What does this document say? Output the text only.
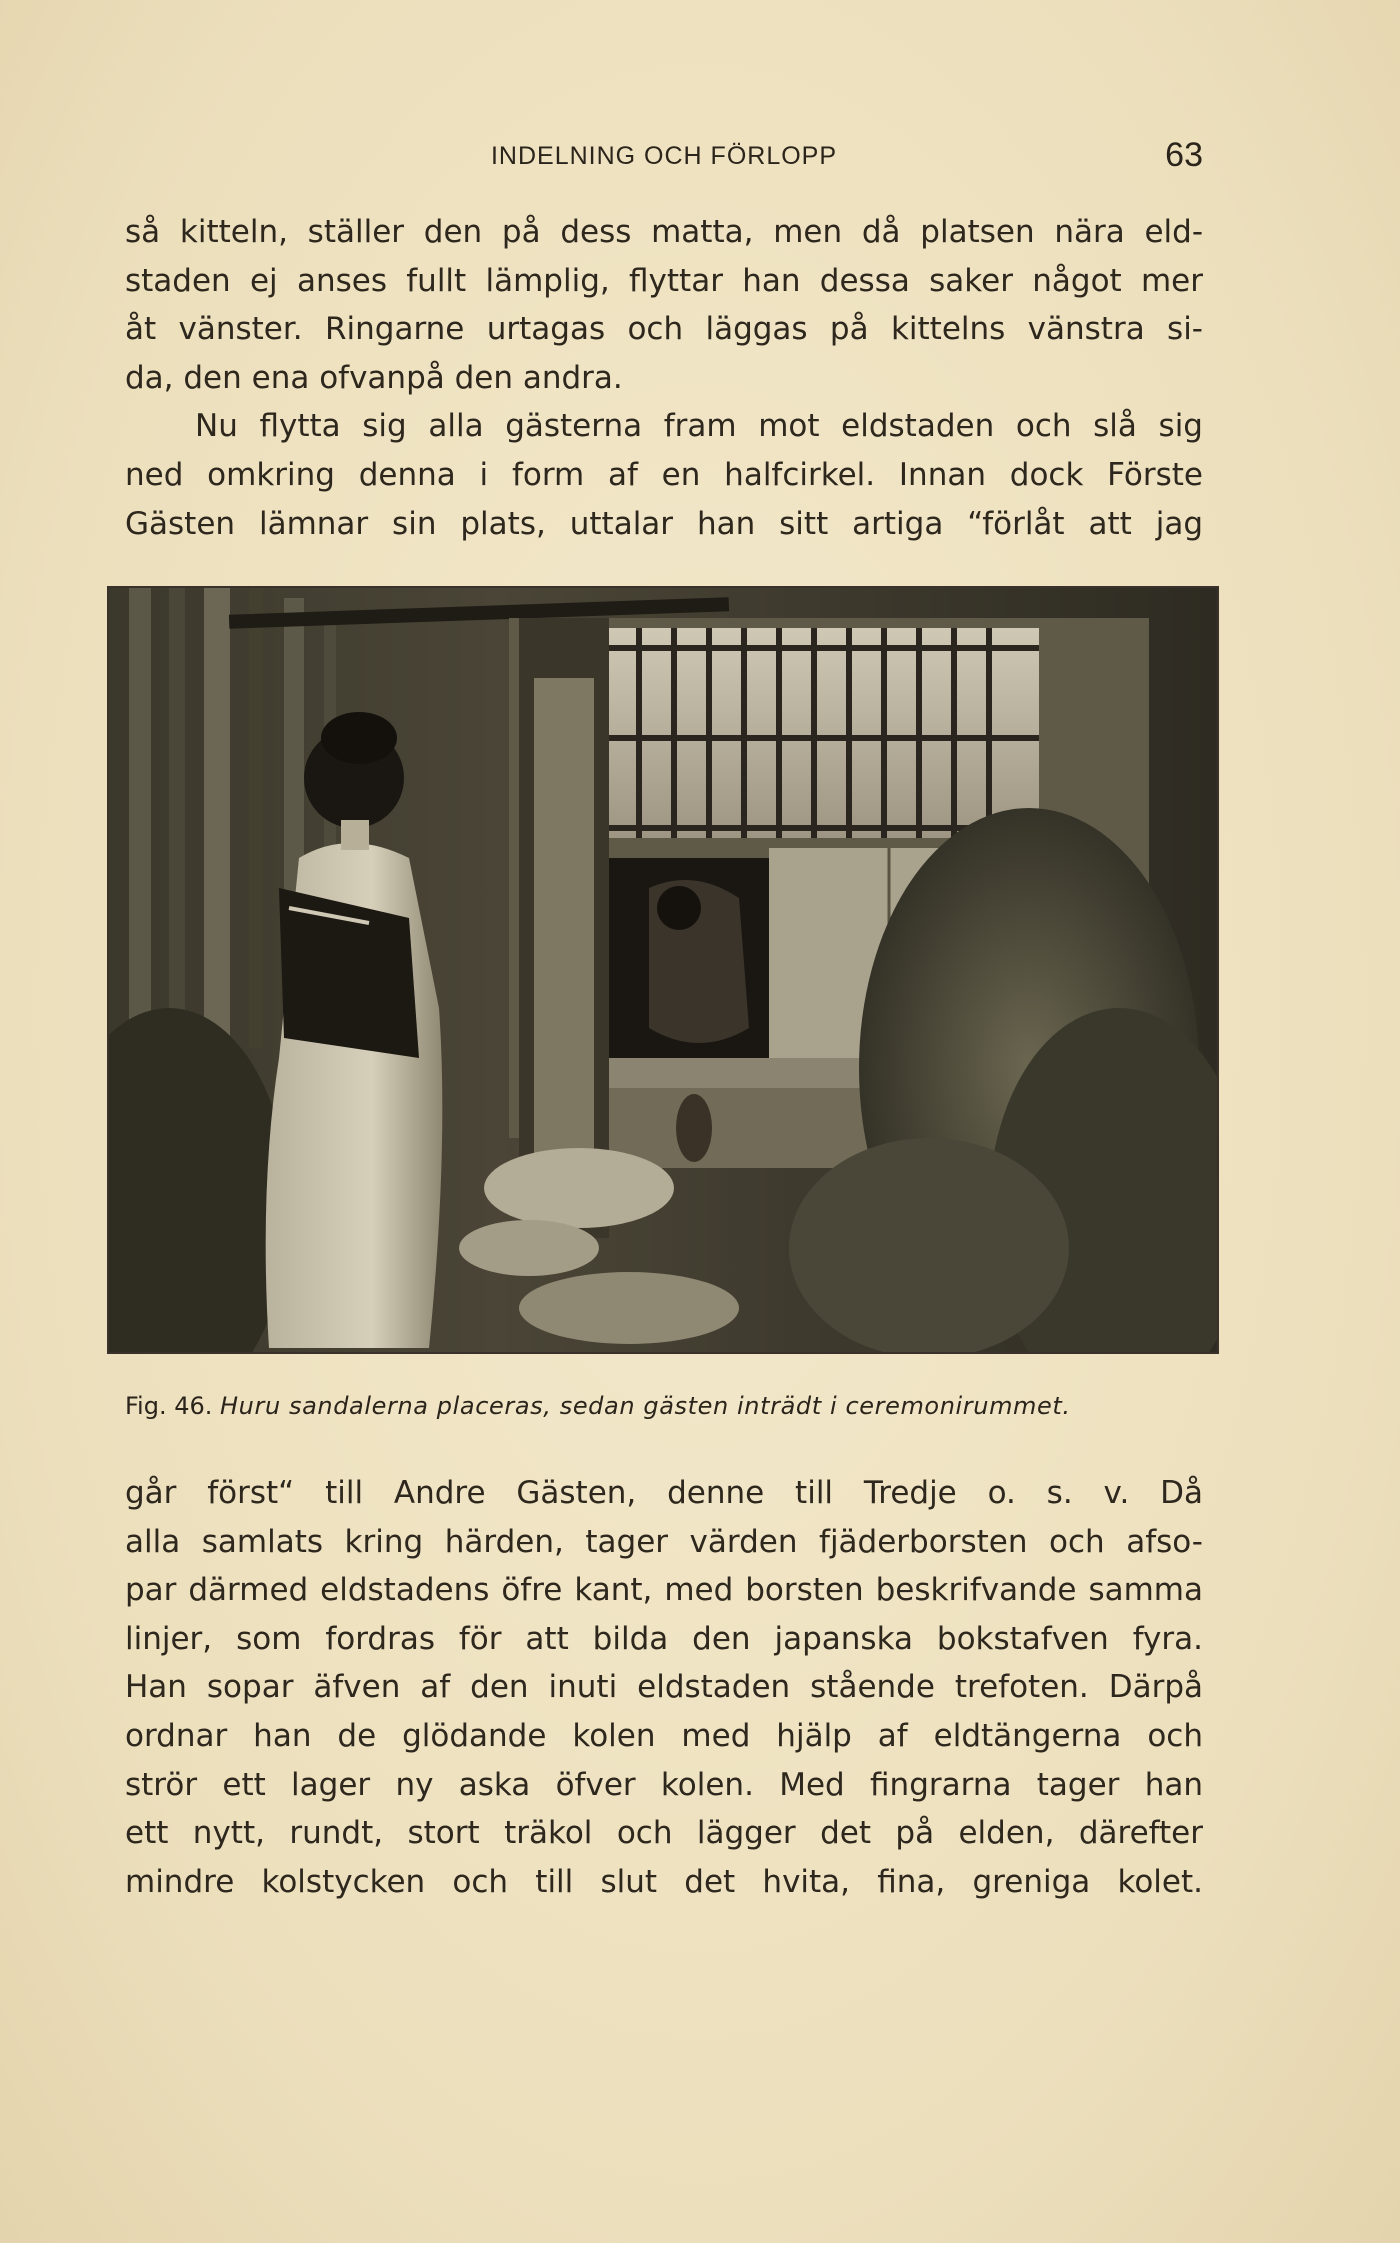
INDELNING OCH FÖRLOPP	63
så kitteln, ställer den på dess matta, men då platsen nära eld-
staden ej anses fullt lämplig, flyttar han dessa saker något mer
åt vänster. Ringarne urtagas och läggas på kittelns vänstra si-
da, den ena ofvanpå den andra.
Nu flytta sig alla gästerna fram mot eldstaden och slå sig
ned omkring denna i form af en halfcirkel. Innan dock Förste
Gästen lämnar sin plats, uttalar han sitt artiga “förlåt att jag
Fig. 46. Huru sandalerna placeras, sedan gästen inträdt i ceremonirummet.
går först“ till Andre Gästen, denne till Tredje o. s. v. Då
alla samlats kring härden, tager värden fjäderborsten och afso-
par därmed eldstadens öfre kant, med borsten beskrifvande samma
linjer, som fordras för att bilda den japanska bokstafven fyra.
Han sopar äfven af den inuti eldstaden stående trefoten. Därpå
ordnar han de glödande kolen med hjälp af eldtängerna och
strör ett lager ny aska öfver kolen. Med fingrarna tager han
ett nytt, rundt, stort träkol och lägger det på elden, därefter
mindre kolstycken och till slut det hvita, fina, greniga kolet.
